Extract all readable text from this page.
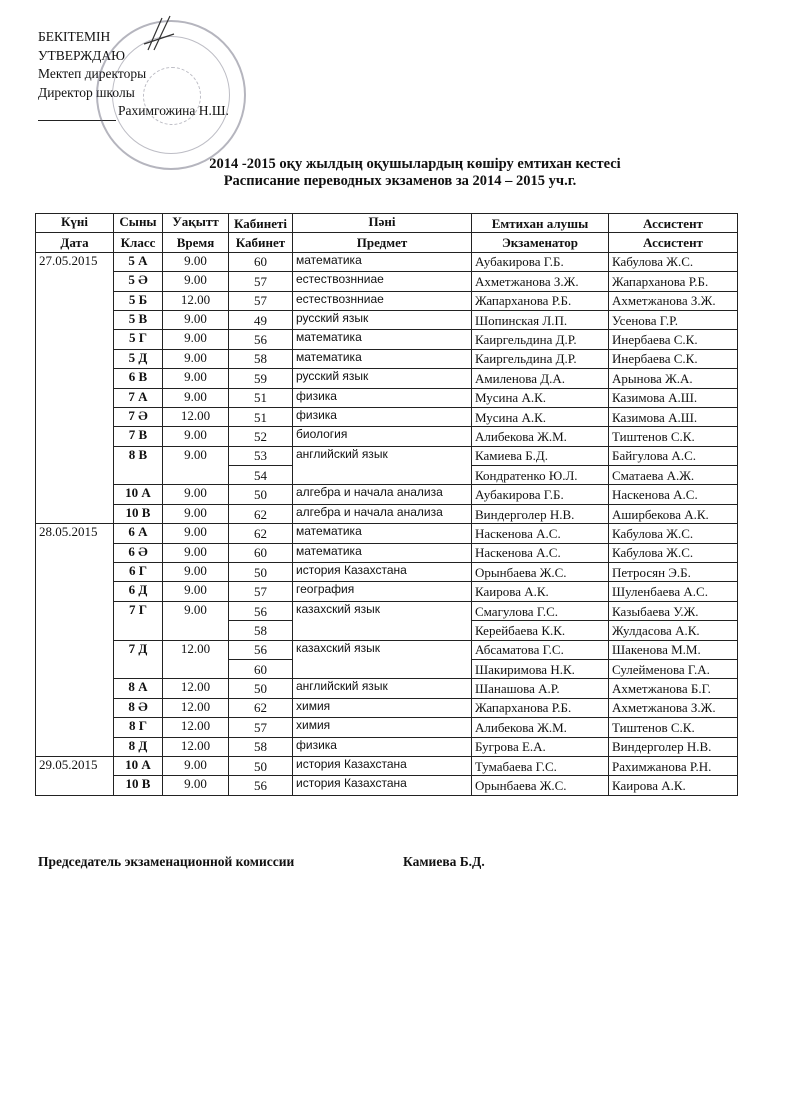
БЕКІТЕМІН
УТВЕРЖДАЮ
Мектеп директоры
Директор школы
Рахимгожина Н.Ш.
2014 -2015 оқу жылдың оқушылардың көшіру емтихан кестесі
Расписание переводных экзаменов за 2014 – 2015 уч.г.
Күні	Сыны	Уақытт	Кабинеті	Пәні	Емтихан алушы	Ассистент
Дата	Класс	Время	Кабинет	Предмет	Экзаменатор	Ассистент
27.05.2015	5 А	9.00	60	математика	Аубакирова Г.Б.	Кабулова Ж.С.
	5 Ә	9.00	57	естествознниае	Ахметжанова З.Ж.	Жапарханова Р.Б.
	5 Б	12.00	57	естествознниае	Жапарханова Р.Б.	Ахметжанова З.Ж.
	5 В	9.00	49	русский язык	Шопинская Л.П.	Усенова Г.Р.
	5 Г	9.00	56	математика	Каиргельдина Д.Р.	Инербаева С.К.
	5 Д	9.00	58	математика	Каиргельдина Д.Р.	Инербаева С.К.
	6 В	9.00	59	русский язык	Амиленова Д.А.	Арынова Ж.А.
	7 А	9.00	51	физика	Мусина А.К.	Казимова А.Ш.
	7 Ә	12.00	51	физика	Мусина А.К.	Казимова А.Ш.
	7 В	9.00	52	биология	Алибекова Ж.М.	Тиштенов С.К.
	8 В	9.00	53	английский язык	Камиева Б.Д.	Байгулова А.С.
			54		Кондратенко Ю.Л.	Сматаева А.Ж.
	10 А	9.00	50	алгебра и начала анализа	Аубакирова Г.Б.	Наскенова А.С.
	10 В	9.00	62	алгебра и начала анализа	Виндерголер Н.В.	Аширбекова А.К.
28.05.2015	6 А	9.00	62	математика	Наскенова А.С.	Кабулова Ж.С.
	6 Ә	9.00	60	математика	Наскенова А.С.	Кабулова Ж.С.
	6 Г	9.00	50	история Казахстана	Орынбаева Ж.С.	Петросян Э.Б.
	6 Д	9.00	57	география	Каирова А.К.	Шуленбаева А.С.
	7 Г	9.00	56	казахский язык	Смагулова Г.С.	Казыбаева У.Ж.
			58		Керейбаева К.К.	Жулдасова А.К.
	7 Д	12.00	56	казахский язык	Абсаматова Г.С.	Шакенова М.М.
			60		Шакиримова Н.К.	Сулейменова Г.А.
	8 А	12.00	50	английский язык	Шанашова А.Р.	Ахметжанова Б.Г.
	8 Ә	12.00	62	химия	Жапарханова Р.Б.	Ахметжанова З.Ж.
	8 Г	12.00	57	химия	Алибекова Ж.М.	Тиштенов С.К.
	8 Д	12.00	58	физика	Бугрова Е.А.	Виндерголер Н.В.
29.05.2015	10 А	9.00	50	история Казахстана	Тумабаева Г.С.	Рахимжанова Р.Н.
	10 В	9.00	56	история Казахстана	Орынбаева Ж.С.	Каирова А.К.
Председатель экзаменационной комиссии	Камиева Б.Д.
